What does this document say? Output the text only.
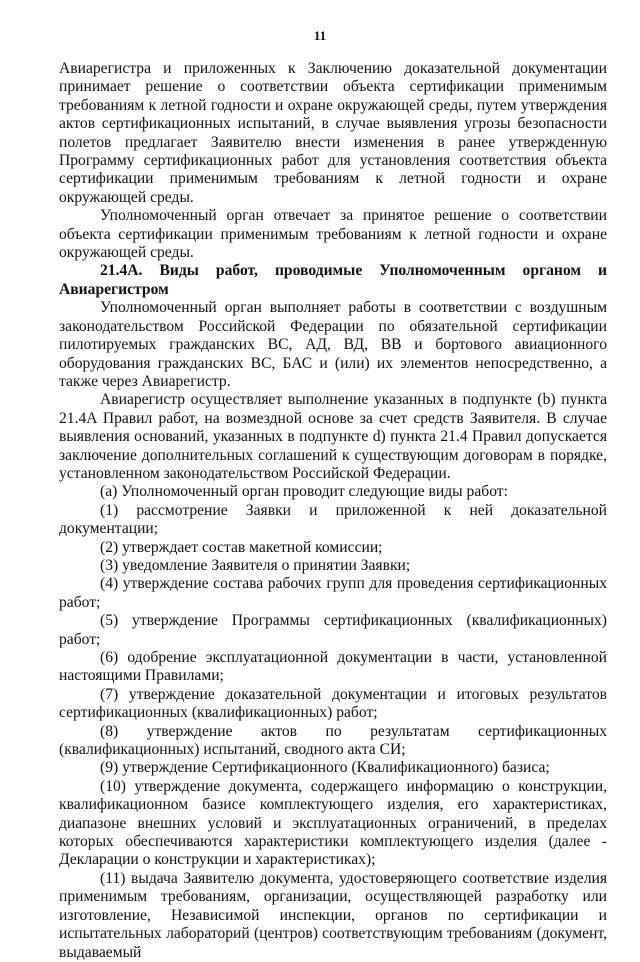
11

Авиарегистра и приложенных к Заключению доказательной документации принимает решение о соответствии объекта сертификации применимым требованиям к летной годности и охране окружающей среды, путем утверждения актов сертификационных испытаний, в случае выявления угрозы безопасности полетов предлагает Заявителю внести изменения в ранее утвержденную Программу сертификационных работ для установления соответствия объекта сертификации применимым требованиям к летной годности и охране окружающей среды.

Уполномоченный орган отвечает за принятое решение о соответствии объекта сертификации применимым требованиям к летной годности и охране окружающей среды.

21.4A. Виды работ, проводимые Уполномоченным органом и Авиарегистром

Уполномоченный орган выполняет работы в соответствии с воздушным законодательством Российской Федерации по обязательной сертификации пилотируемых гражданских ВС, АД, ВД, ВВ и бортового авиационного оборудования гражданских ВС, БАС и (или) их элементов непосредственно, а также через Авиарегистр.

Авиарегистр осуществляет выполнение указанных в подпункте (b) пункта 21.4A Правил работ, на возмездной основе за счет средств Заявителя. В случае выявления оснований, указанных в подпункте d) пункта 21.4 Правил допускается заключение дополнительных соглашений к существующим договорам в порядке, установленном законодательством Российской Федерации.

(a) Уполномоченный орган проводит следующие виды работ:

(1) рассмотрение Заявки и приложенной к ней доказательной документации;

(2) утверждает состав макетной комиссии;

(3) уведомление Заявителя о принятии Заявки;

(4) утверждение состава рабочих групп для проведения сертификационных работ;

(5) утверждение Программы сертификационных (квалификационных) работ;

(6) одобрение эксплуатационной документации в части, установленной настоящими Правилами;

(7) утверждение доказательной документации и итоговых результатов сертификационных (квалификационных) работ;

(8) утверждение актов по результатам сертификационных (квалификационных) испытаний, сводного акта СИ;

(9) утверждение Сертификационного (Квалификационного) базиса;

(10) утверждение документа, содержащего информацию о конструкции, квалификационном базисе комплектующего изделия, его характеристиках, диапазоне внешних условий и эксплуатационных ограничений, в пределах которых обеспечиваются характеристики комплектующего изделия (далее - Декларации о конструкции и характеристиках);

(11) выдача Заявителю документа, удостоверяющего соответствие изделия применимым требованиям, организации, осуществляющей разработку или изготовление, Независимой инспекции, органов по сертификации и испытательных лабораторий (центров) соответствующим требованиям (документ, выдаваемый
